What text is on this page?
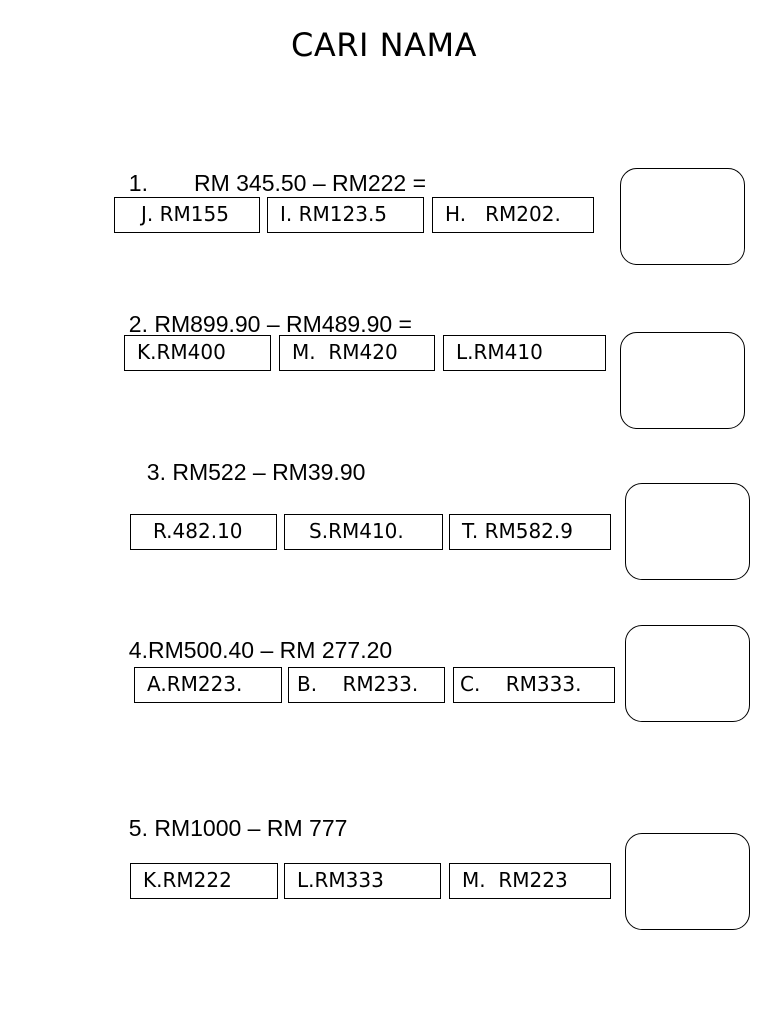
CARI NAMA

1. RM 345.50 – RM222 =

J. RM155	I. RM123.5	H. RM202.

2. RM899.90 – RM489.90 =

K.RM400	M. RM420	L.RM410

3. RM522 – RM39.90

R.482.10	S.RM410.	T. RM582.9

4.RM500.40 – RM 277.20

A.RM223.	B. RM233.	C. RM333.

5. RM1000 – RM 777

K.RM222	L.RM333	M. RM223
